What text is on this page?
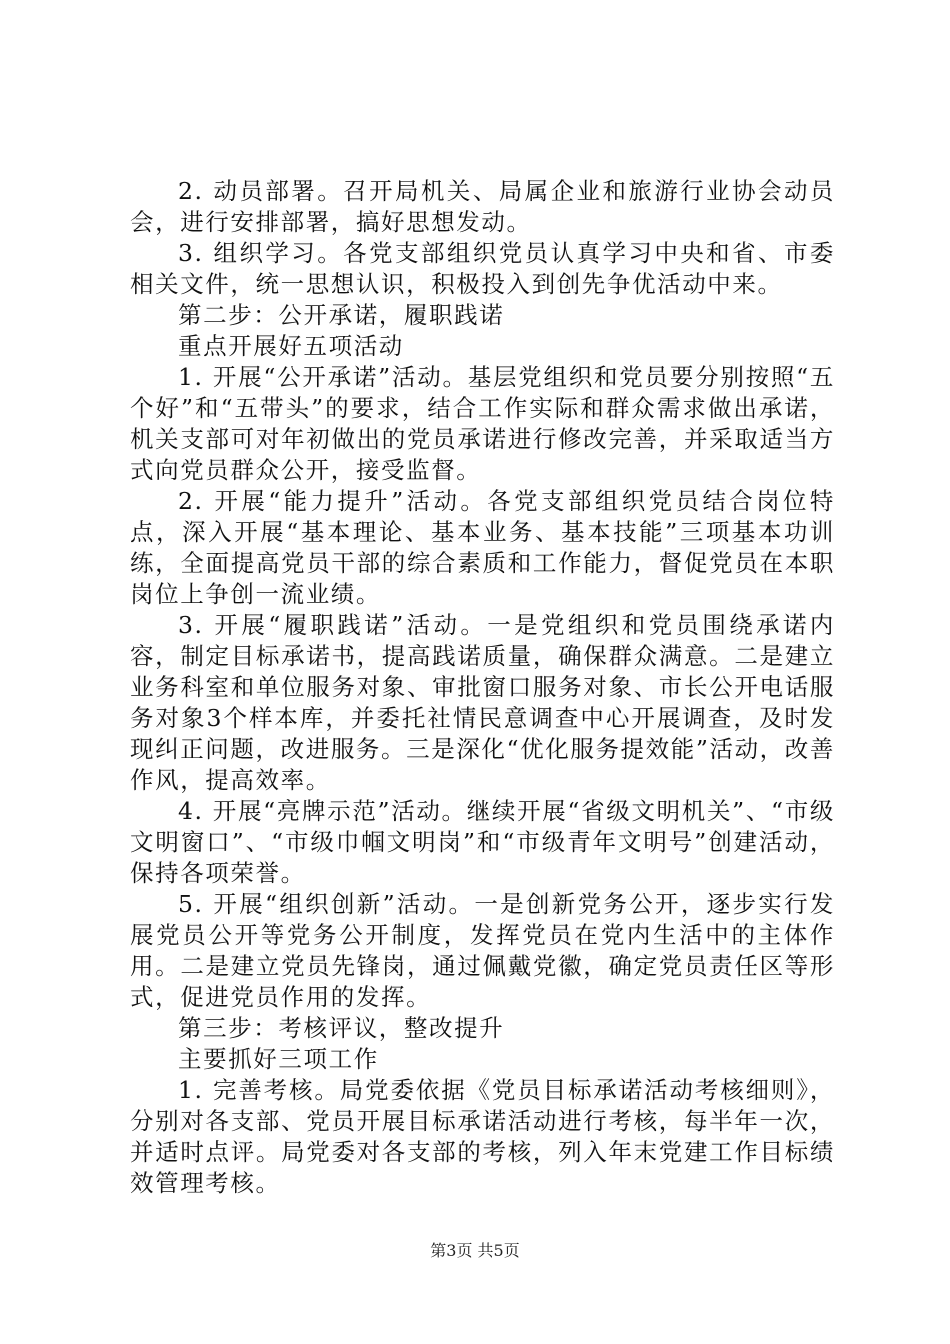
2. 动员部署。召开局机关、局属企业和旅游行业协会动员会，进行安排部署，搞好思想发动。

3. 组织学习。各党支部组织党员认真学习中央和省、市委相关文件，统一思想认识，积极投入到创先争优活动中来。

第二步：公开承诺，履职践诺

重点开展好五项活动

1. 开展“公开承诺”活动。基层党组织和党员要分别按照“五个好”和“五带头”的要求，结合工作实际和群众需求做出承诺，机关支部可对年初做出的党员承诺进行修改完善，并采取适当方式向党员群众公开，接受监督。

2. 开展“能力提升”活动。各党支部组织党员结合岗位特点，深入开展“基本理论、基本业务、基本技能”三项基本功训练，全面提高党员干部的综合素质和工作能力，督促党员在本职岗位上争创一流业绩。

3. 开展“履职践诺”活动。一是党组织和党员围绕承诺内容，制定目标承诺书，提高践诺质量，确保群众满意。二是建立业务科室和单位服务对象、审批窗口服务对象、市长公开电话服务对象3个样本库，并委托社情民意调查中心开展调查，及时发现纠正问题，改进服务。三是深化“优化服务提效能”活动，改善作风，提高效率。

4. 开展“亮牌示范”活动。继续开展“省级文明机关”、“市级文明窗口”、“市级巾帼文明岗”和“市级青年文明号”创建活动，保持各项荣誉。

5. 开展“组织创新”活动。一是创新党务公开，逐步实行发展党员公开等党务公开制度，发挥党员在党内生活中的主体作用。二是建立党员先锋岗，通过佩戴党徽，确定党员责任区等形式，促进党员作用的发挥。

第三步：考核评议，整改提升

主要抓好三项工作

1. 完善考核。局党委依据《党员目标承诺活动考核细则》，分别对各支部、党员开展目标承诺活动进行考核，每半年一次，并适时点评。局党委对各支部的考核，列入年末党建工作目标绩效管理考核。

第3页 共5页
